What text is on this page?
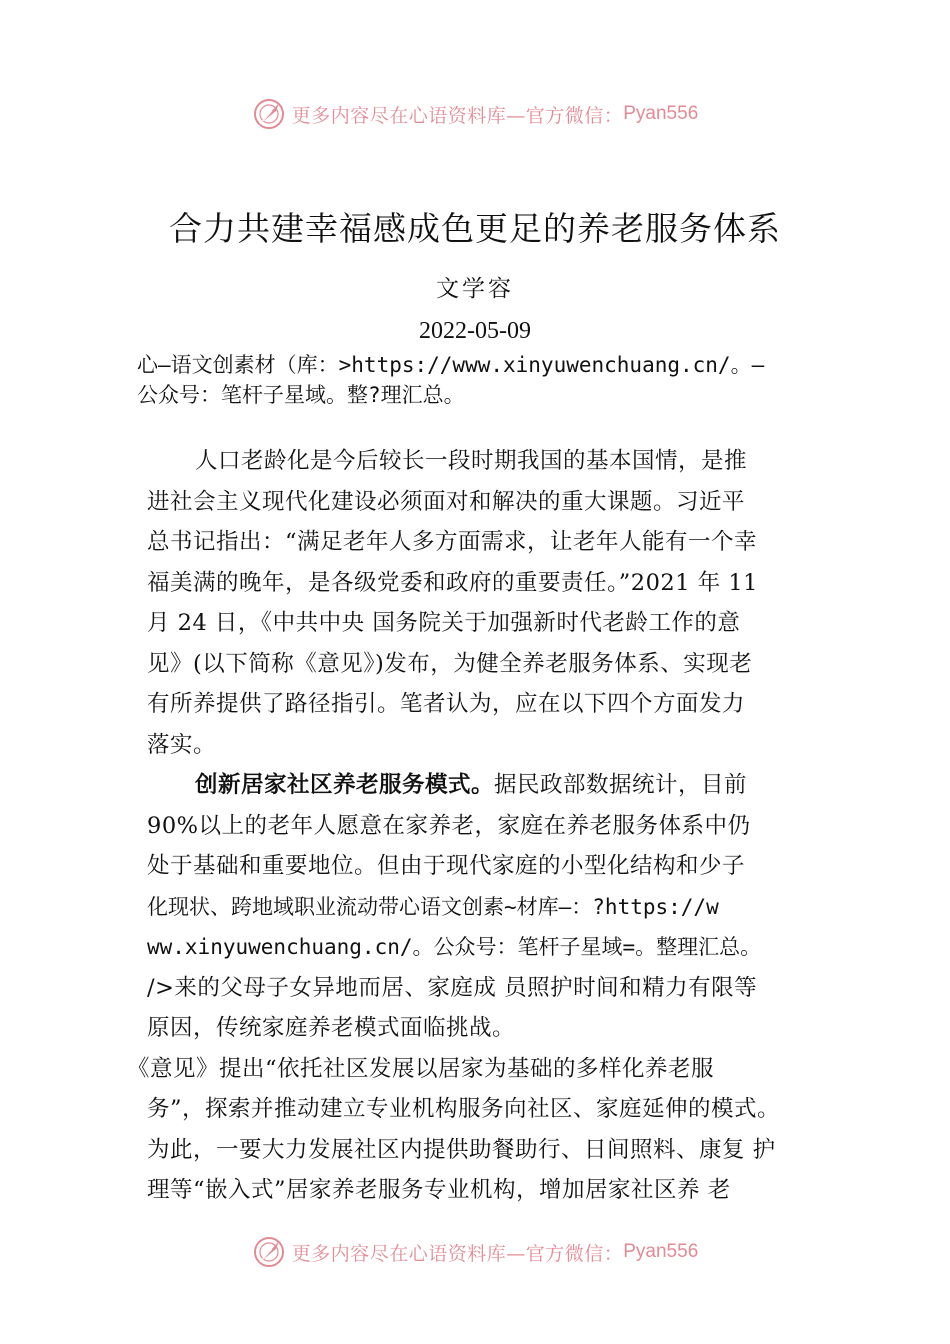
更多内容尽在心语资料库—官方微信： Pyan556
合力共建幸福感成色更足的养老服务体系
文学容
2022-05-09
心—语文创素材（库：>https://www.xinyuwenchuang.cn/。—
公众号：笔杆子星域。整?理汇总。
人口老龄化是今后较长一段时期我国的基本国情，是推
进社会主义现代化建设必须面对和解决的重大课题。习近平
总书记指出：“满足老年人多方面需求，让老年人能有一个幸
福美满的晚年，是各级党委和政府的重要责任。”2021 年 11
月 24 日，《中共中央 国务院关于加强新时代老龄工作的意
见》(以下简称《意见》)发布，为健全养老服务体系、实现老
有所养提供了路径指引。笔者认为，应在以下四个方面发力
落实。
创新居家社区养老服务模式。据民政部数据统计，目前
90%以上的老年人愿意在家养老，家庭在养老服务体系中仍
处于基础和重要地位。但由于现代家庭的小型化结构和少子
化现状、跨地域职业流动带心语文创素~材库—：?https://w
ww.xinyuwenchuang.cn/。公众号：笔杆子星域=。整理汇总。
/>来的父母子女异地而居、家庭成 员照护时间和精力有限等
原因，传统家庭养老模式面临挑战。
《意见》提出“依托社区发展以居家为基础的多样化养老服
务”，探索并推动建立专业机构服务向社区、家庭延伸的模式。
为此，一要大力发展社区内提供助餐助行、日间照料、康复 护
理等“嵌入式”居家养老服务专业机构，增加居家社区养 老
更多内容尽在心语资料库—官方微信： Pyan556
